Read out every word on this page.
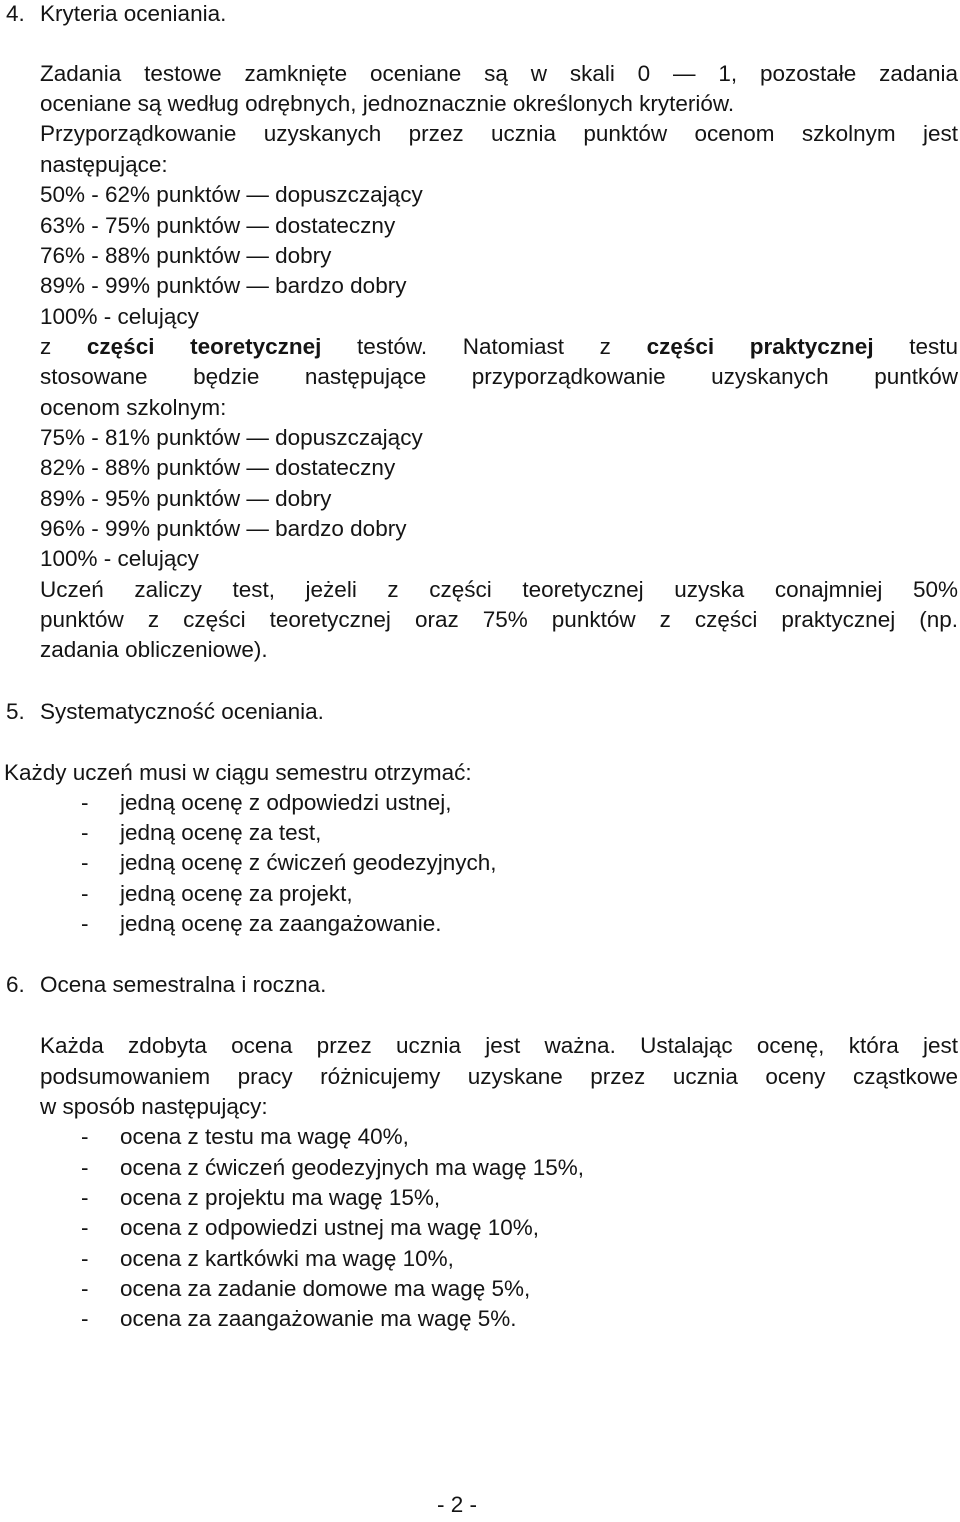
4. Kryteria oceniania.
Zadania testowe zamknięte oceniane są w skali 0 — 1, pozostałe zadania
oceniane są według odrębnych, jednoznacznie określonych kryteriów.
Przyporządkowanie uzyskanych przez ucznia punktów ocenom szkolnym jest
następujące:
50% - 62% punktów — dopuszczający
63% - 75% punktów — dostateczny
76% - 88% punktów — dobry
89% - 99% punktów — bardzo dobry
100% - celujący
z części teoretycznej testów. Natomiast z części praktycznej testu
stosowane będzie następujące przyporządkowanie uzyskanych puntków
ocenom szkolnym:
75% - 81% punktów — dopuszczający
82% - 88% punktów — dostateczny
89% - 95% punktów — dobry
96% - 99% punktów — bardzo dobry
100% - celujący
Uczeń zaliczy test, jeżeli z części teoretycznej uzyska conajmniej 50%
punktów z części teoretycznej oraz 75% punktów z części praktycznej (np.
zadania obliczeniowe).
5. Systematyczność oceniania.
Każdy uczeń musi w ciągu semestru otrzymać:
- jedną ocenę z odpowiedzi ustnej,
- jedną ocenę za test,
- jedną ocenę z ćwiczeń geodezyjnych,
- jedną ocenę za projekt,
- jedną ocenę za zaangażowanie.
6. Ocena semestralna i roczna.
Każda zdobyta ocena przez ucznia jest ważna. Ustalając ocenę, która jest
podsumowaniem pracy różnicujemy uzyskane przez ucznia oceny cząstkowe
w sposób następujący:
- ocena z testu ma wagę 40%,
- ocena z ćwiczeń geodezyjnych ma wagę 15%,
- ocena z projektu ma wagę 15%,
- ocena z odpowiedzi ustnej ma wagę 10%,
- ocena z kartkówki ma wagę 10%,
- ocena za zadanie domowe ma wagę 5%,
- ocena za zaangażowanie ma wagę 5%.
- 2 -
